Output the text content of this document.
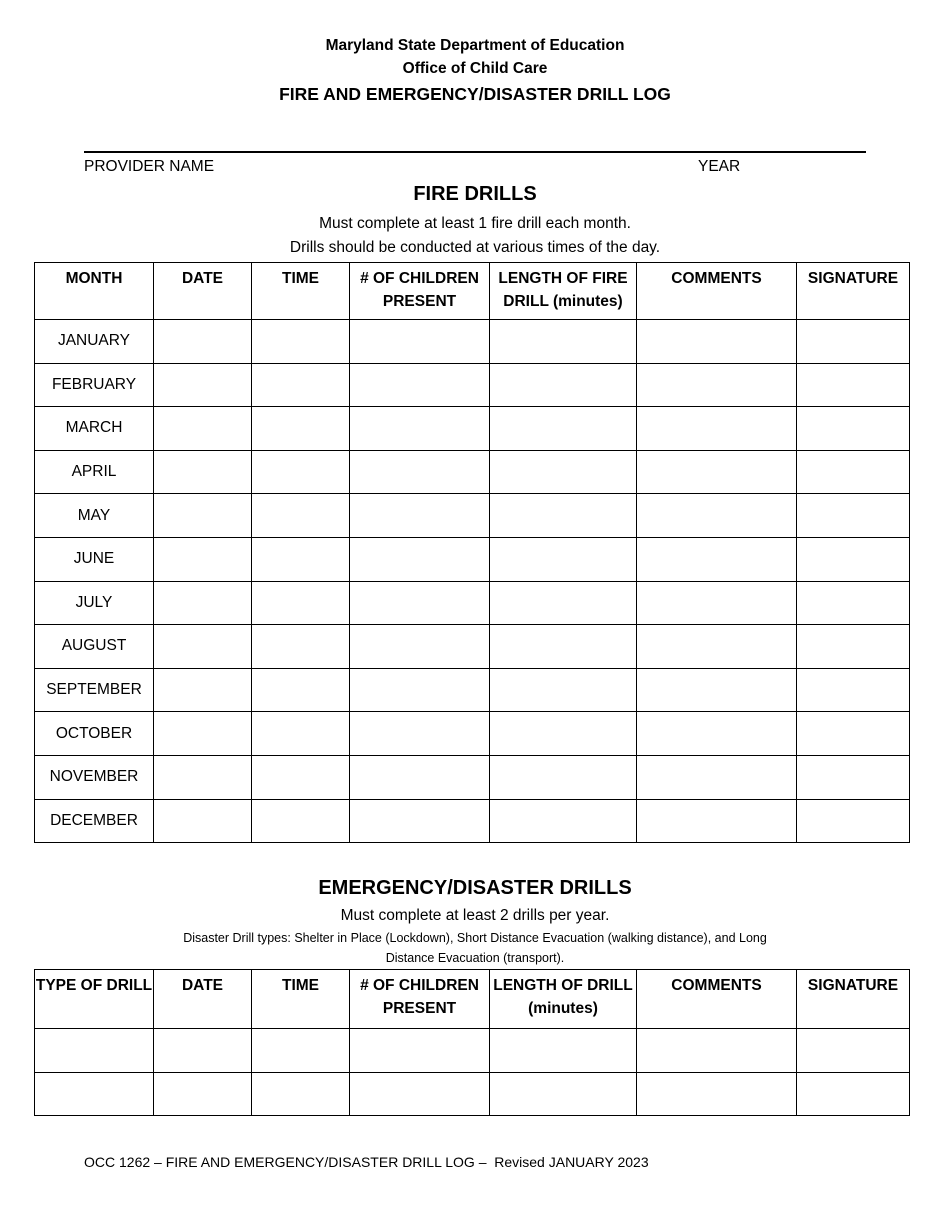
Maryland State Department of Education
Office of Child Care
FIRE AND EMERGENCY/DISASTER DRILL LOG
PROVIDER NAME	YEAR
FIRE DRILLS
Must complete at least 1 fire drill each month.
Drills should be conducted at various times of the day.
MONTH	DATE	TIME	# OF CHILDREN PRESENT	LENGTH OF FIRE DRILL (minutes)	COMMENTS	SIGNATURE
JANUARY						
FEBRUARY						
MARCH						
APRIL						
MAY						
JUNE						
JULY						
AUGUST						
SEPTEMBER						
OCTOBER						
NOVEMBER						
DECEMBER						
EMERGENCY/DISASTER DRILLS
Must complete at least 2 drills per year.
Disaster Drill types: Shelter in Place (Lockdown), Short Distance Evacuation (walking distance), and Long Distance Evacuation (transport).
TYPE OF DRILL	DATE	TIME	# OF CHILDREN PRESENT	LENGTH OF DRILL (minutes)	COMMENTS	SIGNATURE

OCC 1262 – FIRE AND EMERGENCY/DISASTER DRILL LOG –  Revised JANUARY 2023
